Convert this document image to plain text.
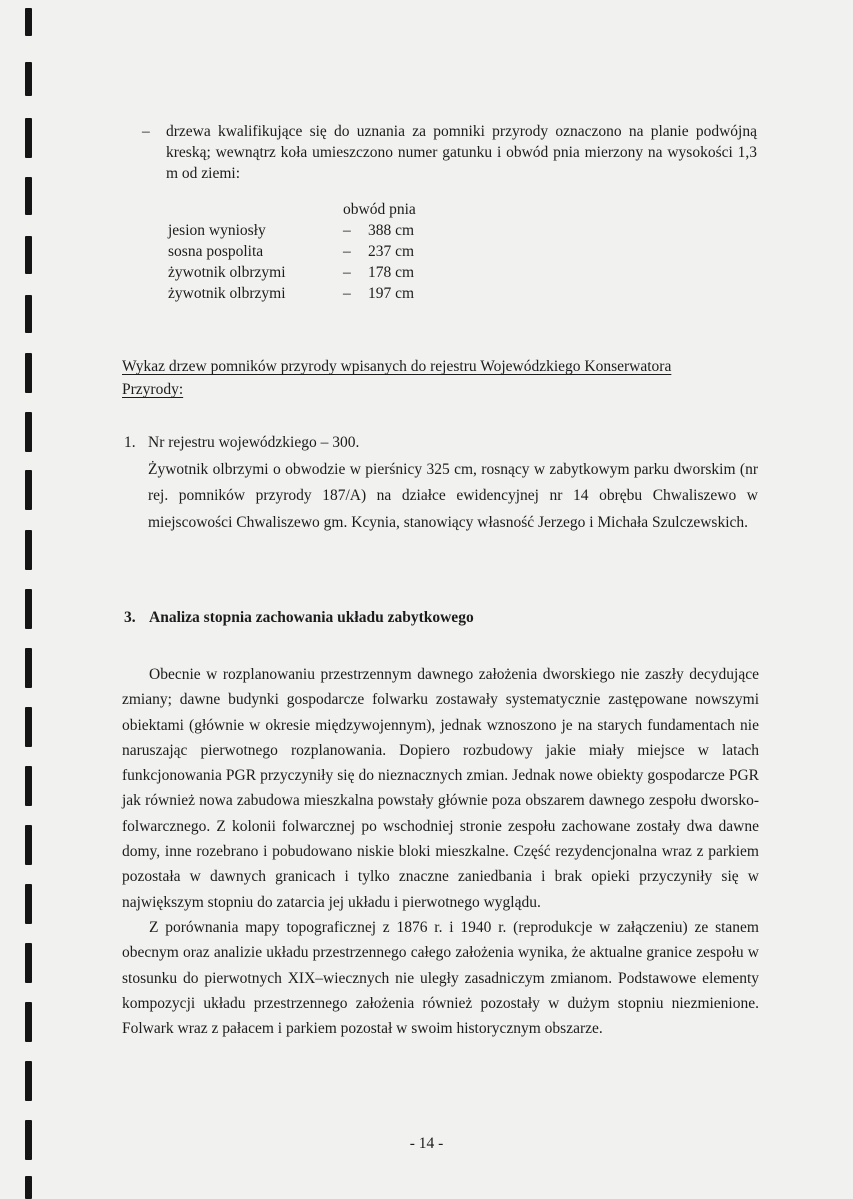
– drzewa kwalifikujące się do uznania za pomniki przyrody oznaczono na planie podwójną kreską; wewnątrz koła umieszczono numer gatunku i obwód pnia mierzony na wysokości 1,3 m od ziemi:
obwód pnia
jesion wyniosły	– 388 cm
sosna pospolita	– 237 cm
żywotnik olbrzymi	– 178 cm
żywotnik olbrzymi	– 197 cm
Wykaz drzew pomników przyrody wpisanych do rejestru Wojewódzkiego Konserwatora
Przyrody:
1. Nr rejestru wojewódzkiego – 300.
Żywotnik olbrzymi o obwodzie w pierśnicy 325 cm, rosnący w zabytkowym parku dworskim (nr rej. pomników przyrody 187/A) na działce ewidencyjnej nr 14 obrębu Chwaliszewo w miejscowości Chwaliszewo gm. Kcynia, stanowiący własność Jerzego i Michała Szulczewskich.
3. Analiza stopnia zachowania układu zabytkowego

Obecnie w rozplanowaniu przestrzennym dawnego założenia dworskiego nie zaszły decydujące zmiany; dawne budynki gospodarcze folwarku zostawały systematycznie zastępowane nowszymi obiektami (głównie w okresie międzywojennym), jednak wznoszono je na starych fundamentach nie naruszając pierwotnego rozplanowania. Dopiero rozbudowy jakie miały miejsce w latach funkcjonowania PGR przyczyniły się do nieznacznych zmian. Jednak nowe obiekty gospodarcze PGR jak również nowa zabudowa mieszkalna powstały głównie poza obszarem dawnego zespołu dworsko-folwarcznego. Z kolonii folwarcznej po wschodniej stronie zespołu zachowane zostały dwa dawne domy, inne rozebrano i pobudowano niskie bloki mieszkalne. Część rezydencjonalna wraz z parkiem pozostała w dawnych granicach i tylko znaczne zaniedbania i brak opieki przyczyniły się w największym stopniu do zatarcia jej układu i pierwotnego wyglądu.

Z porównania mapy topograficznej z 1876 r. i 1940 r. (reprodukcje w załączeniu) ze stanem obecnym oraz analizie układu przestrzennego całego założenia wynika, że aktualne granice zespołu w stosunku do pierwotnych XIX–wiecznych nie uległy zasadniczym zmianom. Podstawowe elementy kompozycji układu przestrzennego założenia również pozostały w dużym stopniu niezmienione. Folwark wraz z pałacem i parkiem pozostał w swoim historycznym obszarze.

- 14 -
